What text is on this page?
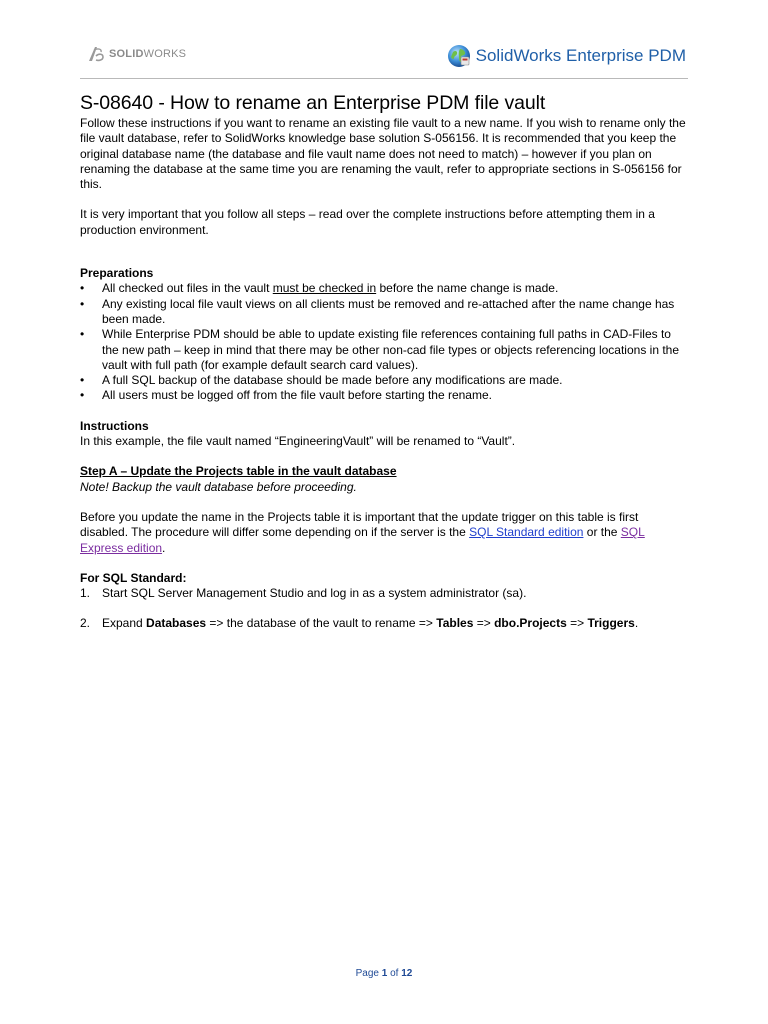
SOLIDWORKS	SolidWorks Enterprise PDM
S-08640 - How to rename an Enterprise PDM file vault

Follow these instructions if you want to rename an existing file vault to a new name. If you wish to rename only the file vault database, refer to SolidWorks knowledge base solution S-056156. It is recommended that you keep the original database name (the database and file vault name does not need to match) – however if you plan on renaming the database at the same time you are renaming the vault, refer to appropriate sections in S-056156 for this.

It is very important that you follow all steps – read over the complete instructions before attempting them in a production environment.

Preparations

• All checked out files in the vault must be checked in before the name change is made.
• Any existing local file vault views on all clients must be removed and re-attached after the name change has been made.
• While Enterprise PDM should be able to update existing file references containing full paths in CAD-Files to the new path – keep in mind that there may be other non-cad file types or objects referencing locations in the vault with full path (for example default search card values).
• A full SQL backup of the database should be made before any modifications are made.
• All users must be logged off from the file vault before starting the rename.

Instructions

In this example, the file vault named “EngineeringVault” will be renamed to “Vault”.

Step A – Update the Projects table in the vault database

Note! Backup the vault database before proceeding.

Before you update the name in the Projects table it is important that the update trigger on this table is first disabled. The procedure will differ some depending on if the server is the SQL Standard edition or the SQL Express edition.

For SQL Standard:

1. Start SQL Server Management Studio and log in as a system administrator (sa).
2. Expand Databases => the database of the vault to rename => Tables => dbo.Projects => Triggers.
Page 1 of 12
